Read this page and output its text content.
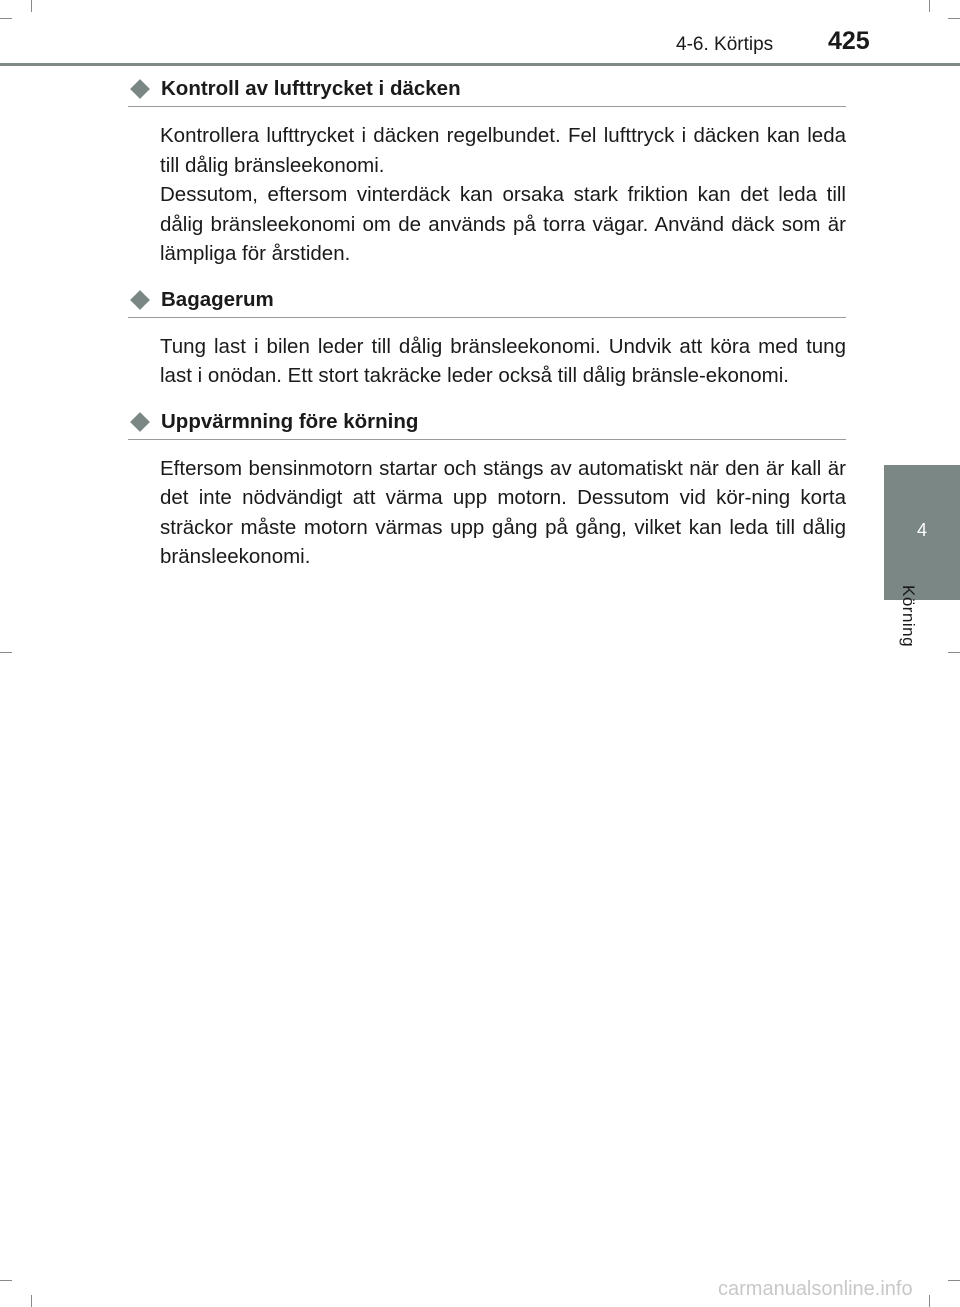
4-6. Körtips 425
4
Körning
Kontroll av lufttrycket i däcken

Kontrollera lufttrycket i däcken regelbundet. Fel lufttryck i däcken kan leda till dålig bränsleekonomi.

Dessutom, eftersom vinterdäck kan orsaka stark friktion kan det leda till dålig bränsleekonomi om de används på torra vägar. Använd däck som är lämpliga för årstiden.

Bagagerum

Tung last i bilen leder till dålig bränsleekonomi. Undvik att köra med tung last i onödan. Ett stort takräcke leder också till dålig bränsle-ekonomi.

Uppvärmning före körning

Eftersom bensinmotorn startar och stängs av automatiskt när den är kall är det inte nödvändigt att värma upp motorn. Dessutom vid kör-ning korta sträckor måste motorn värmas upp gång på gång, vilket kan leda till dålig bränsleekonomi.

carmanualsonline.info
